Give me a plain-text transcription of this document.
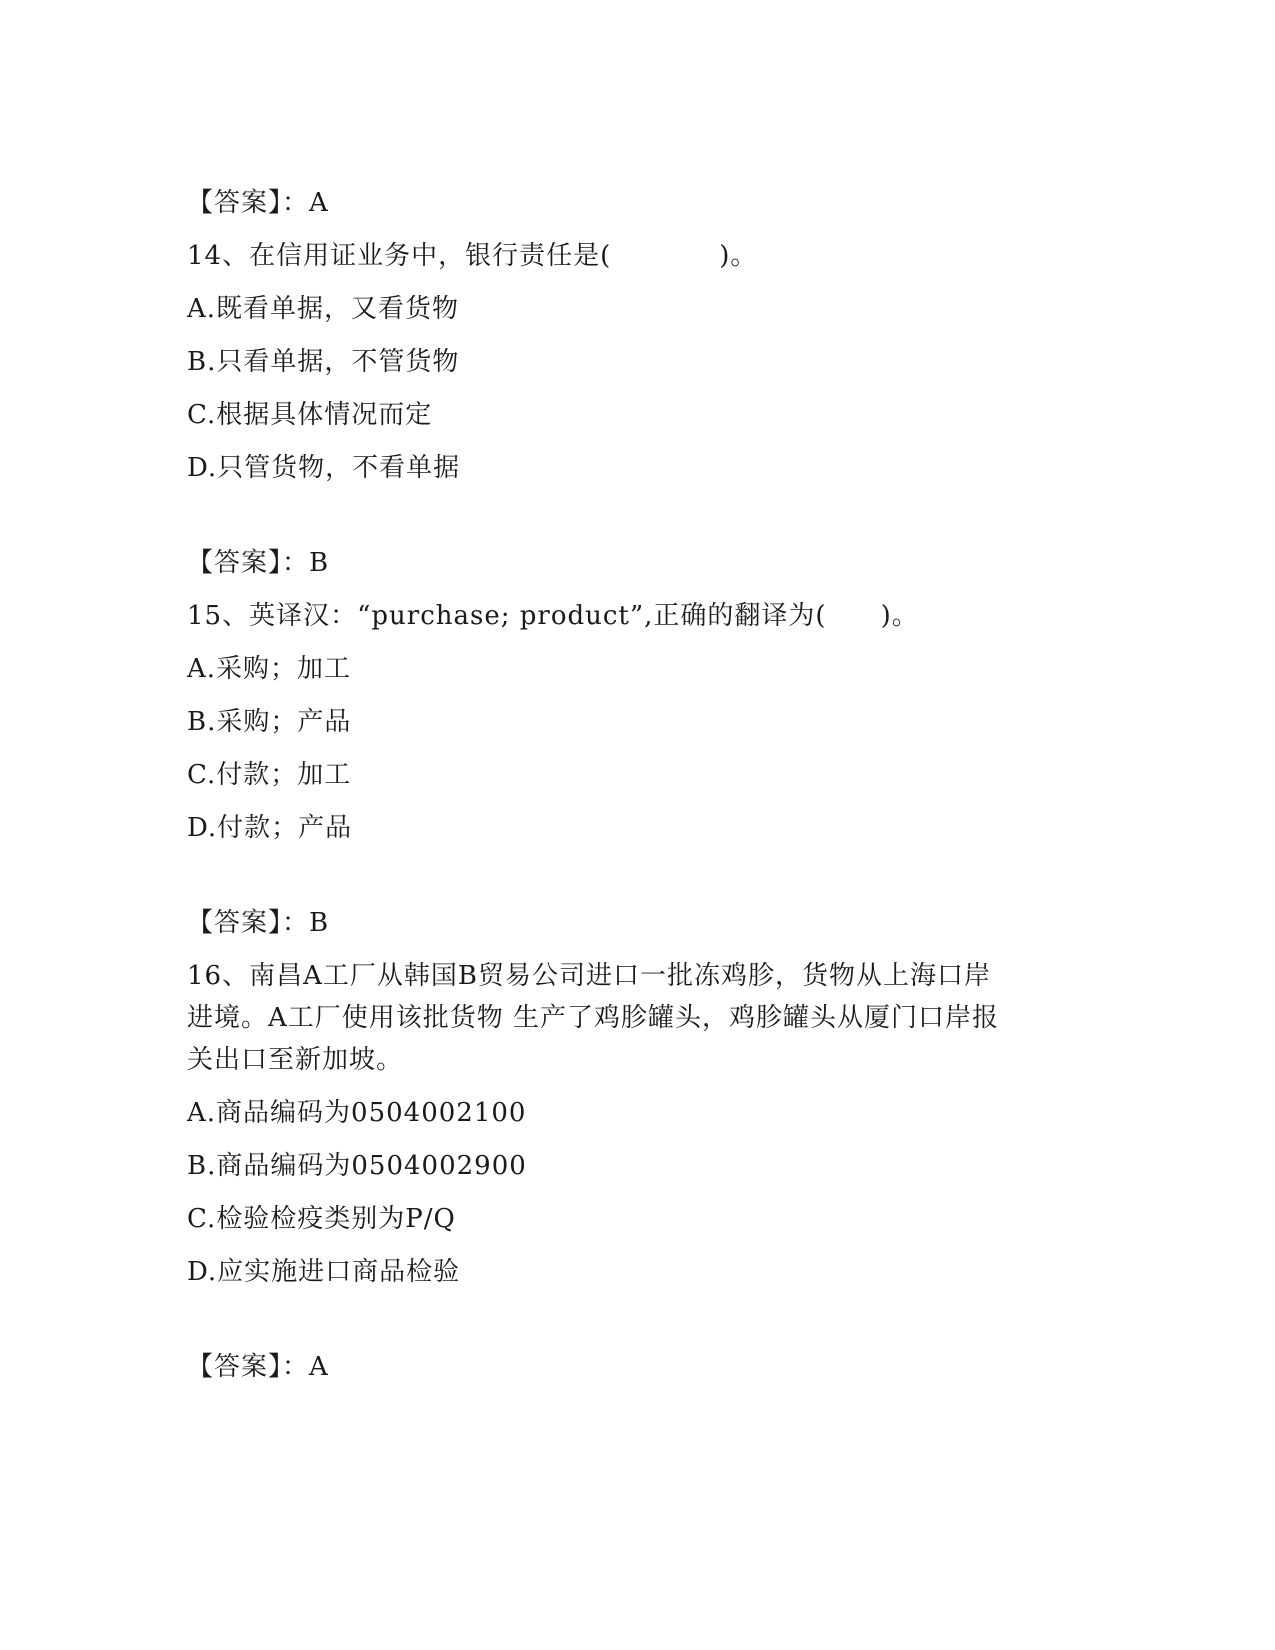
【答案】：A
14、在信用证业务中，银行责任是(　　　　)。
A.既看单据，又看货物
B.只看单据，不管货物
C.根据具体情况而定
D.只管货物，不看单据
【答案】：B
15、英译汉：“purchase; product”,正确的翻译为(　　)。
A.采购；加工
B.采购；产品
C.付款；加工
D.付款；产品
【答案】：B
16、南昌A工厂从韩国B贸易公司进口一批冻鸡胗，货物从上海口岸
进境。A工厂使用该批货物 生产了鸡胗罐头，鸡胗罐头从厦门口岸报
关出口至新加坡。
A.商品编码为0504002100
B.商品编码为0504002900
C.检验检疫类别为P/Q
D.应实施进口商品检验
【答案】：A
